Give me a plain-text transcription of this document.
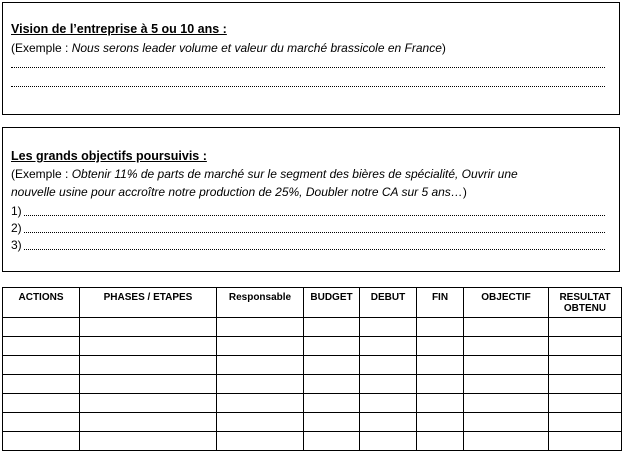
Vision de l’entreprise à 5 ou 10 ans :
(Exemple : Nous serons leader volume et valeur du marché brassicole en France)
Les grands objectifs poursuivis :
(Exemple : Obtenir 11% de parts de marché sur le segment des bières de spécialité, Ouvrir une
nouvelle usine pour accroître notre production de 25%, Doubler notre CA sur 5 ans…)
1)
2)
3)
ACTIONS	PHASES / ETAPES	Responsable	BUDGET	DEBUT	FIN	OBJECTIF	RESULTAT OBTENU
